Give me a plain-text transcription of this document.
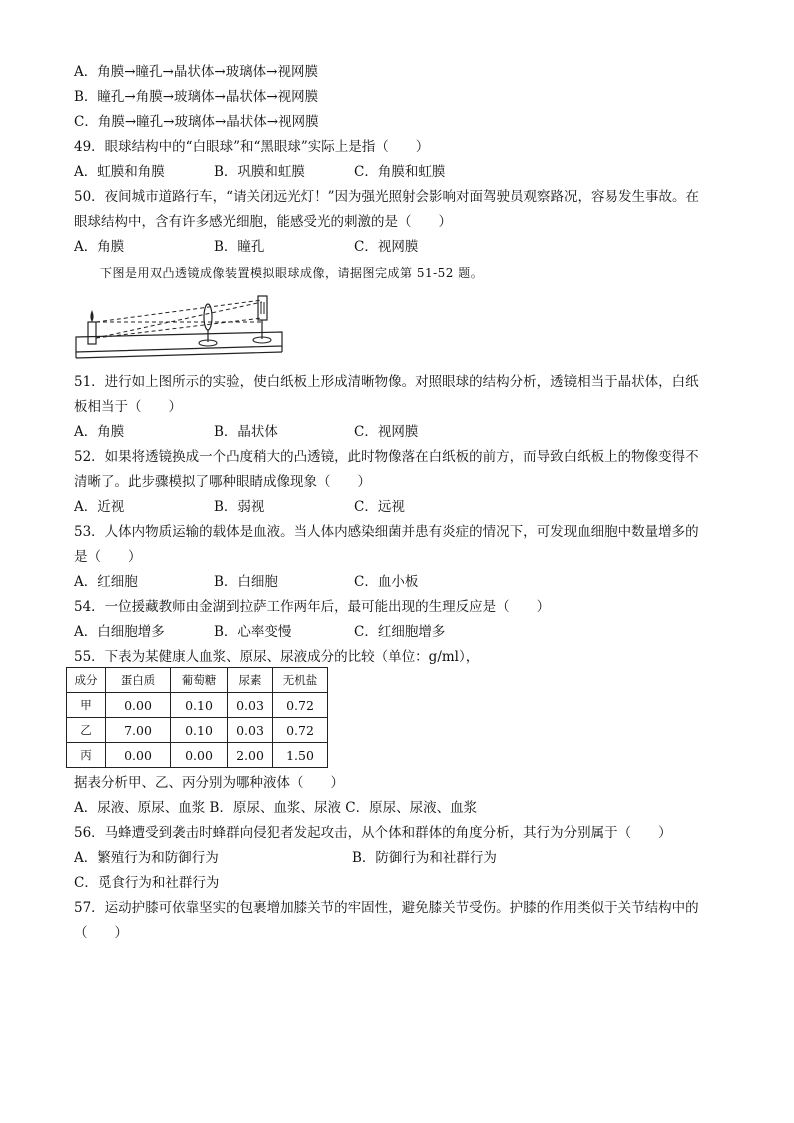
A．角膜→瞳孔→晶状体→玻璃体→视网膜
B．瞳孔→角膜→玻璃体→晶状体→视网膜
C．角膜→瞳孔→玻璃体→晶状体→视网膜
49．眼球结构中的“白眼球”和“黑眼球”实际上是指（　　）
A．虹膜和角膜	B．巩膜和虹膜	C．角膜和虹膜
50．夜间城市道路行车，“请关闭远光灯！”因为强光照射会影响对面驾驶员观察路况，容易发生事故。在
眼球结构中，含有许多感光细胞，能感受光的刺激的是（　　）
A．角膜	B．瞳孔	C．视网膜
下图是用双凸透镜成像装置模拟眼球成像，请据图完成第 51-52 题。
51．进行如上图所示的实验，使白纸板上形成清晰物像。对照眼球的结构分析，透镜相当于晶状体，白纸
板相当于（　　）
A．角膜	B．晶状体	C．视网膜
52．如果将透镜换成一个凸度稍大的凸透镜，此时物像落在白纸板的前方，而导致白纸板上的物像变得不
清晰了。此步骤模拟了哪种眼睛成像现象（　　）
A．近视	B．弱视	C．远视
53．人体内物质运输的载体是血液。当人体内感染细菌并患有炎症的情况下，可发现血细胞中数量增多的
是（　　）
A．红细胞	B．白细胞	C．血小板
54．一位援藏教师由金湖到拉萨工作两年后，最可能出现的生理反应是（　　）
A．白细胞增多	B．心率变慢	C．红细胞增多
55．下表为某健康人血浆、原尿、尿液成分的比较（单位：g/ml），
成分	蛋白质	葡萄糖	尿素	无机盐
甲	0.00	0.10	0.03	0.72
乙	7.00	0.10	0.03	0.72
丙	0.00	0.00	2.00	1.50
据表分析甲、乙、丙分别为哪种液体（　　）
A．尿液、原尿、血浆 B．原尿、血浆、尿液 C．原尿、尿液、血浆
56．马蜂遭受到袭击时蜂群向侵犯者发起攻击，从个体和群体的角度分析，其行为分别属于（　　）
A．繁殖行为和防御行为	B．防御行为和社群行为
C．觅食行为和社群行为
57．运动护膝可依靠坚实的包裹增加膝关节的牢固性，避免膝关节受伤。护膝的作用类似于关节结构中的
（　　）
